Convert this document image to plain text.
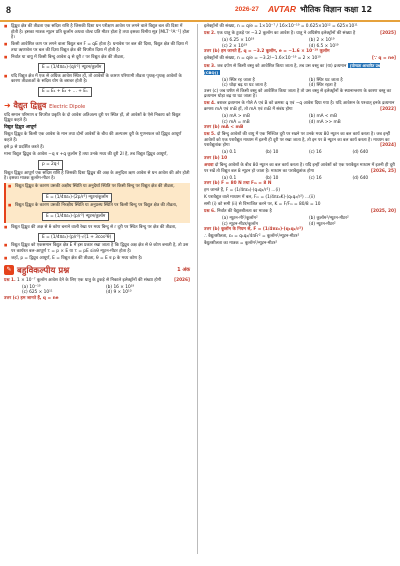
8	2026-27 AVTAR भौतिक विज्ञान कक्षा 12

■ द्विध्रुव क्षेत्र की तीव्रता एक सदिश राशि है जिसकी दिशा धन परीक्षण आवेश पर लगने वाले विद्युत बल की दिशा में होती है। इसका मात्रक न्यूटन प्रति कूलॉम अथवा वोल्ट प्रति मीटर होता है तथा इसका विमीय सूत्र [MLT⁻³A⁻¹] होता है।

■ किसी आवेशित कण पर लगने वाला विद्युत बल F = qE होता है। धनावेश पर बल की दिशा, विद्युत क्षेत्र की दिशा में तथा ऋणावेश पर बल की दिशा विद्युत क्षेत्र की विपरीत दिशा में होती है।

■ निर्वात या वायु में किसी बिन्दु आवेश q से दूरी r पर विद्युत क्षेत्र की तीव्रता,

E = (1/4πε₀)·(q/r²) न्यूटन/कूलॉम

■ यदि विद्युत क्षेत्र में एक से अधिक आवेश स्थित हों, तो आवेशों के कारण परिणामी तीव्रता पृथक्-पृथक् आवेशों के कारण तीव्रताओं के सदिश योग के बराबर होती है।

E = E₁ + E₂ + … + Eₙ
➜ वैद्युत द्विध्रुव Electric Dipole

यदि समान परिमाण व विपरीत प्रकृति के दो आवेश अतिअल्प दूरी पर स्थित हों, तो आवेशों के ऐसे निकाय को विद्युत द्विध्रुव कहते हैं।

विद्युत द्विध्रुव आघूर्ण

विद्युत द्विध्रुव के किसी एक आवेश के मान तथा दोनों आवेशों के बीच की अल्पतम दूरी के गुणनफल को द्विध्रुव आघूर्ण कहते हैं।

इसे p से प्रदर्शित करते हैं।

माना विद्युत द्विध्रुव के आवेश −q व +q कूलॉम हैं तथा उनके मध्य की दूरी 2l है, तब विद्युत द्विध्रुव आघूर्ण,

p = 2q·l

विद्युत द्विध्रुव आघूर्ण एक सदिश राशि है जिसकी दिशा द्विध्रुव की अक्ष के अनुदिश ऋण आवेश से धन आवेश की ओर होती है। इसका मात्रक कूलॉम-मीटर है।

■ विद्युत द्विध्रुव के कारण उसकी अक्षीय स्थिति या अनुदैर्घ्य स्थिति पर किसी बिन्दु पर विद्युत क्षेत्र की तीव्रता,

E = (1/4πε₀)·(2p/r³) न्यूटन/कूलॉम

■ विद्युत द्विध्रुव के कारण उसकी निरक्षीय स्थिति या अनुप्रस्थ स्थिति पर किसी बिन्दु पर विद्युत क्षेत्र की तीव्रता,

E = (1/4πε₀)·(p/r³) न्यूटन/कूलॉम

■ विद्युत द्विध्रुव की अक्ष से θ कोण बनाने वाली रेखा पर मध्य बिन्दु से r दूरी पर स्थित बिन्दु पर क्षेत्र की तीव्रता,

E = (1/4πε₀)·(p/r³)·√(1 + 3cos²θ)

■ विद्युत द्विध्रुव को एकसमान विद्युत क्षेत्र E में इस प्रकार रखा जाता है कि द्विध्रुव अक्ष क्षेत्र से θ कोण बनाती है, तो उस पर कार्यरत बल-आघूर्ण τ = p × E या τ = pE sinθ न्यूटन-मीटर होता है।

■ जहाँ, p = द्विध्रुव आघूर्ण, E = विद्युत क्षेत्र की तीव्रता, θ = E व p के मध्य कोण है।

✎ बहुविकल्पीय प्रश्न	1 अंक

प्रश्न 1. 1 × 10⁻⁷ कूलॉम आवेश देने के लिए एक धातु के टुकड़े से निकाले इलेक्ट्रॉनों की संख्या होगी	[2026]

(a) 10⁻¹⁹	(b) 16 × 10¹⁹
(c) 625 × 10¹¹	(d) 9 × 10¹⁰

उत्तर (c) हम जानते हैं, q = ne

इलेक्ट्रॉनों की संख्या, n = q/e = 1×10⁻⁷ / 16×10⁻¹⁹ = 0.625×10¹² = 625×10¹¹

प्रश्न 2. एक धातु के टुकड़े पर −3.2 कूलॉम का आवेश है। धातु ने अधिशेष इलेक्ट्रॉनों की संख्या है	[2025]

(a) 6.25 × 10¹⁹	(b) 2 × 10¹⁹
(c) 2 × 10¹⁹	(d) 6.5 × 10¹⁹

उत्तर (b) हम जानते हैं, q = −3.2 कूलॉम, e = −1.6 × 10⁻¹⁹ कूलॉम

इलेक्ट्रॉनों की संख्या, n = q/e = −3.2/−1.6×10⁻¹⁹ = 2 × 10¹⁹	[∵ q = ne]

प्रश्न 3. जब दर्पण से किसी वस्तु को आवेशित किया जाता है, तब उस वस्तु का (या) द्रव्यमान [योग्यता आधारित प्रश्न (CBQ)]

(a) स्थिर रह जाता है	(b) स्थिर घट जाता है
(c) थोड़ा बढ़ या घट जाता है	(d) स्थिर रहता है

उत्तर (c) जब घर्षण से किसी वस्तु को आवेशित किया जाता है तो उस वस्तु से इलेक्ट्रॉनों के स्थानान्तरण के कारण वस्तु का द्रव्यमान थोड़ा बढ़ या घट जाता है।

प्रश्न 4. बराबर द्रव्यमान के गोले A एवं B को क्रमशः q एवं −q आवेश दिया गया है। यदि आवेशन के पश्चात् इनके द्रव्यमान क्रमशः mA एवं mB हों, तो mA एवं mB में संबंध होगा	[2022]

(a) mA > mB	(b) mA < mB
(c) mA = mB	(d) mA >> mB

उत्तर (b) mA < mB

प्रश्न 5. दो बिन्दु आवेशों की वायु में एक निश्चित दूरी पर रखने पर उनके मध्य 80 न्यूटन का बल कार्य करता है। जब इन्हीं आवेशों को एक परावैद्युत माध्यम में इतनी ही दूरी पर रखा जाता है, तो इन पर 8 न्यूटन का बल कार्य करता है। माध्यम का परावैद्युतांक होगा	[2024]

(a) 0.1	(b) 10	(c) 16	(d) 640

उत्तर (b) 10

अथवा दो बिन्दु आवेशों के बीच 80 न्यूटन का बल कार्य करता है। यदि इन्हीं आवेशों को एक परावैद्युत माध्यम में इतनी ही दूरी पर रखें तो विद्युत बल 8 न्यूटन हो जाता है। माध्यम का परावैद्युतांक होगा	[2026, 25]

(a) 0.1	(b) 10	(c) 16	(d) 640

उत्तर (b) F = 80 N तथा Fₘ = 8 N

हम जानते हैं, F = (1/4πε₀)·(q₁q₂/r²) ...(i)

K परावैद्युत वाले माध्यम में बल, Fₘ = (1/4πε₀K)·(q₁q₂/r²) ...(ii)

समी (i) को समी (ii) से विभाजित करने पर, K = F/Fₘ = 80/8 = 10

प्रश्न 6. निर्वात की वैद्युतशीलता का मात्रक है	[2025, 20]

(a) न्यूटन-मी²/कूलॉम²	(b) कूलॉम²/न्यूटन-मीटर²
(c) न्यूटन-मीटर/कूलॉम	(d) न्यूटन-मीटर²

उत्तर (b) कूलॉम के नियम से, F = (1/4πε₀)·(q₁q₂/r²)

∴ वैद्युतशीलता, ε₀ = q₁q₂/4πFr² = कूलॉम²/न्यूटन-मीटर²

वैद्युतशीलता का मात्रक = कूलॉम²/न्यूटन-मीटर²
